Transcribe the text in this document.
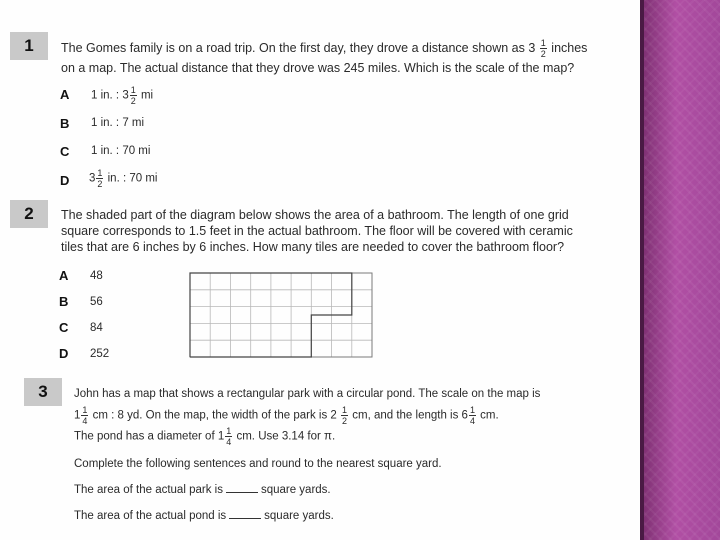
1	The Gomes family is on a road trip. On the first day, they drove a distance shown as $3 \frac{1}{2}$ inches
on a map. The actual distance that they drove was 245 miles. Which is the scale of the map?
A 1 in. : $3 \frac{1}{2}$ mi
B 1 in. : 7 mi
C 1 in. : 70 mi
D $3 \frac{1}{2}$ in. : 70 mi
2	The shaded part of the diagram below shows the area of a bathroom. The length of one grid
square corresponds to 1.5 feet in the actual bathroom. The floor will be covered with ceramic
tiles that are 6 inches by 6 inches. How many tiles are needed to cover the bathroom floor?
A 48
B 56
C 84
D 252
3	John has a map that shows a rectangular park with a circular pond. The scale on the map is
$1 \frac{1}{4}$ cm : 8 yd. On the map, the width of the park is $2 \frac{1}{2}$ cm, and the length is $6 \frac{1}{4}$ cm.
The pond has a diameter of $1 \frac{1}{4}$ cm. Use 3.14 for π.
Complete the following sentences and round to the nearest square yard.
The area of the actual park is	square yards.
The area of the actual pond is	square yards.
